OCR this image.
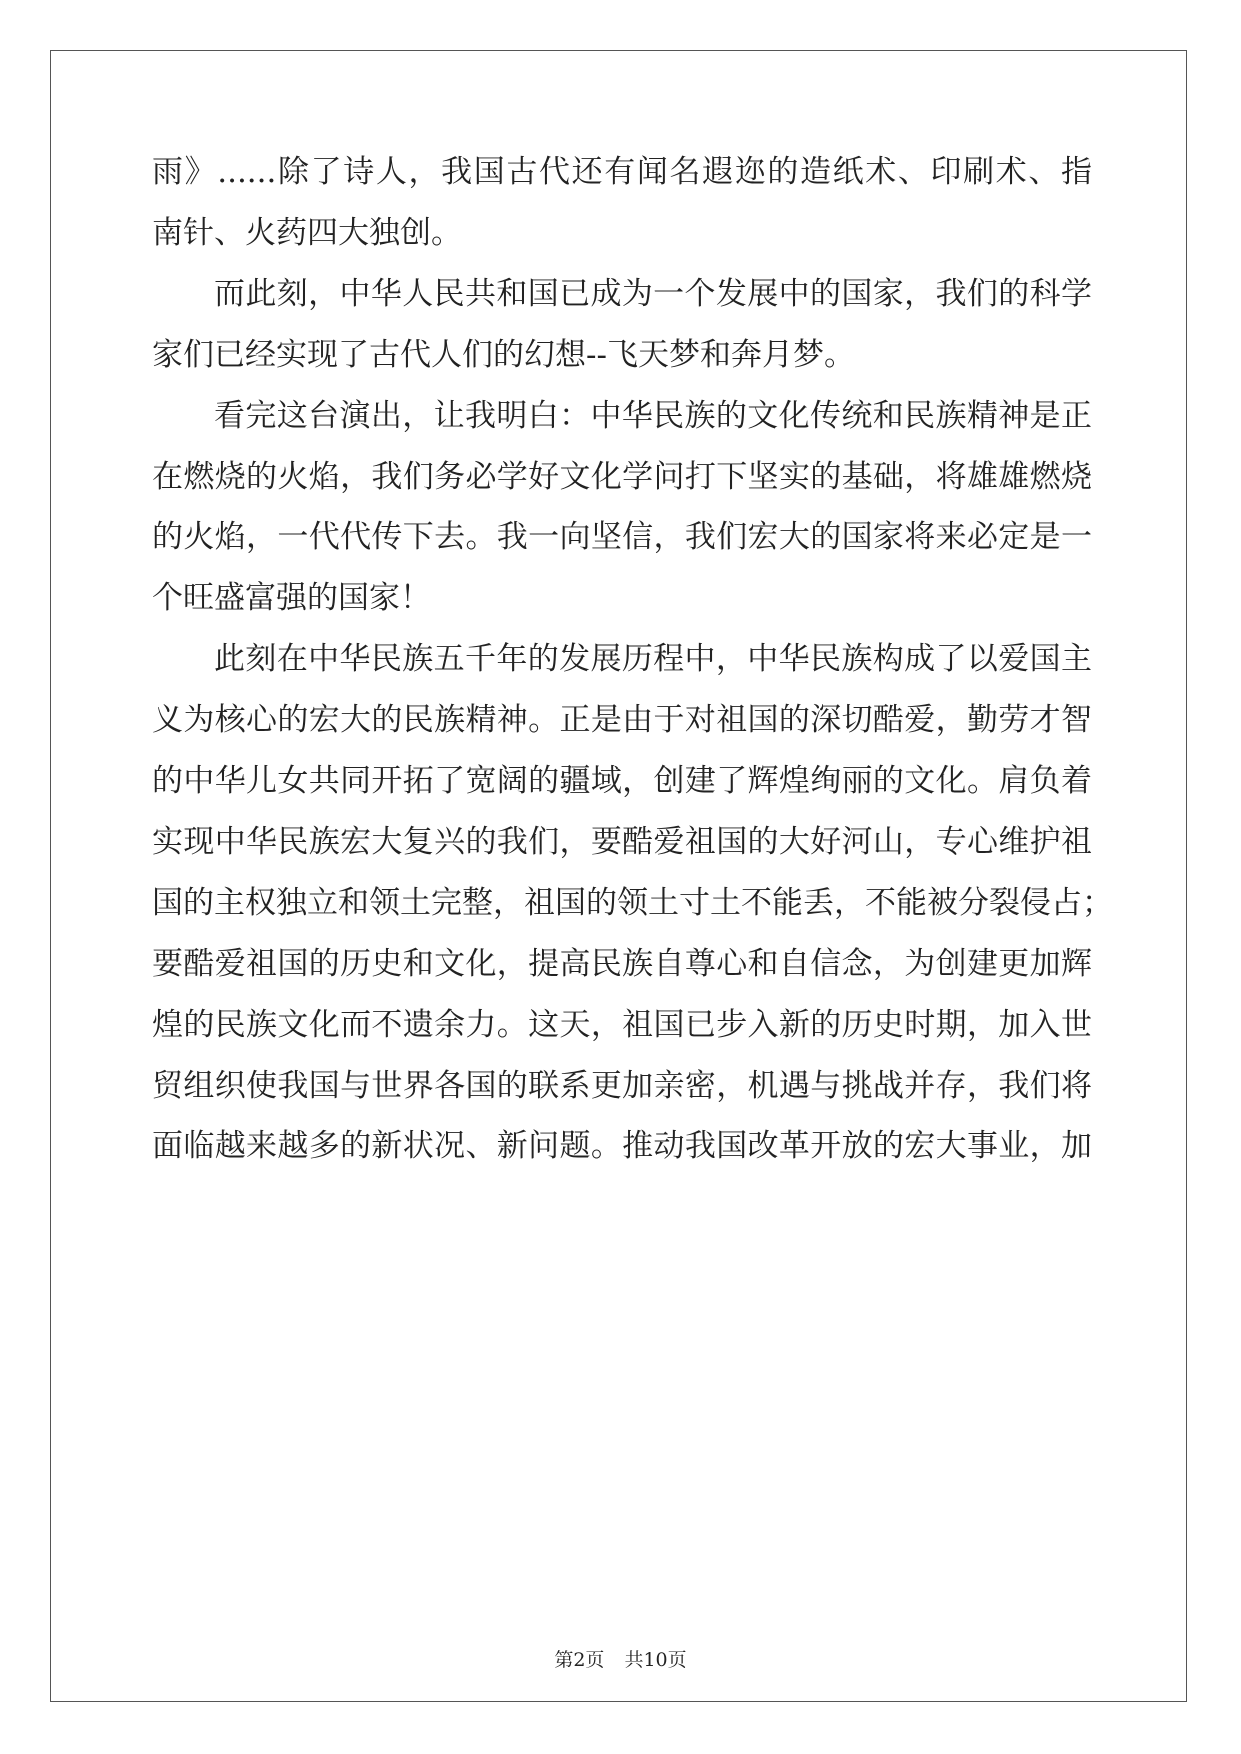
雨》......除了诗人，我国古代还有闻名遐迩的造纸术、印刷术、指

南针、火药四大独创。

而此刻，中华人民共和国已成为一个发展中的国家，我们的科学

家们已经实现了古代人们的幻想--飞天梦和奔月梦。

看完这台演出，让我明白：中华民族的文化传统和民族精神是正

在燃烧的火焰，我们务必学好文化学问打下坚实的基础，将雄雄燃烧

的火焰，一代代传下去。我一向坚信，我们宏大的国家将来必定是一

个旺盛富强的国家！

此刻在中华民族五千年的发展历程中，中华民族构成了以爱国主

义为核心的宏大的民族精神。正是由于对祖国的深切酷爱，勤劳才智

的中华儿女共同开拓了宽阔的疆域，创建了辉煌绚丽的文化。肩负着

实现中华民族宏大复兴的我们，要酷爱祖国的大好河山，专心维护祖

国的主权独立和领土完整，祖国的领土寸土不能丢，不能被分裂侵占；

要酷爱祖国的历史和文化，提高民族自尊心和自信念，为创建更加辉

煌的民族文化而不遗余力。这天，祖国已步入新的历史时期，加入世

贸组织使我国与世界各国的联系更加亲密，机遇与挑战并存，我们将

面临越来越多的新状况、新问题。推动我国改革开放的宏大事业，加

第2页 共10页
